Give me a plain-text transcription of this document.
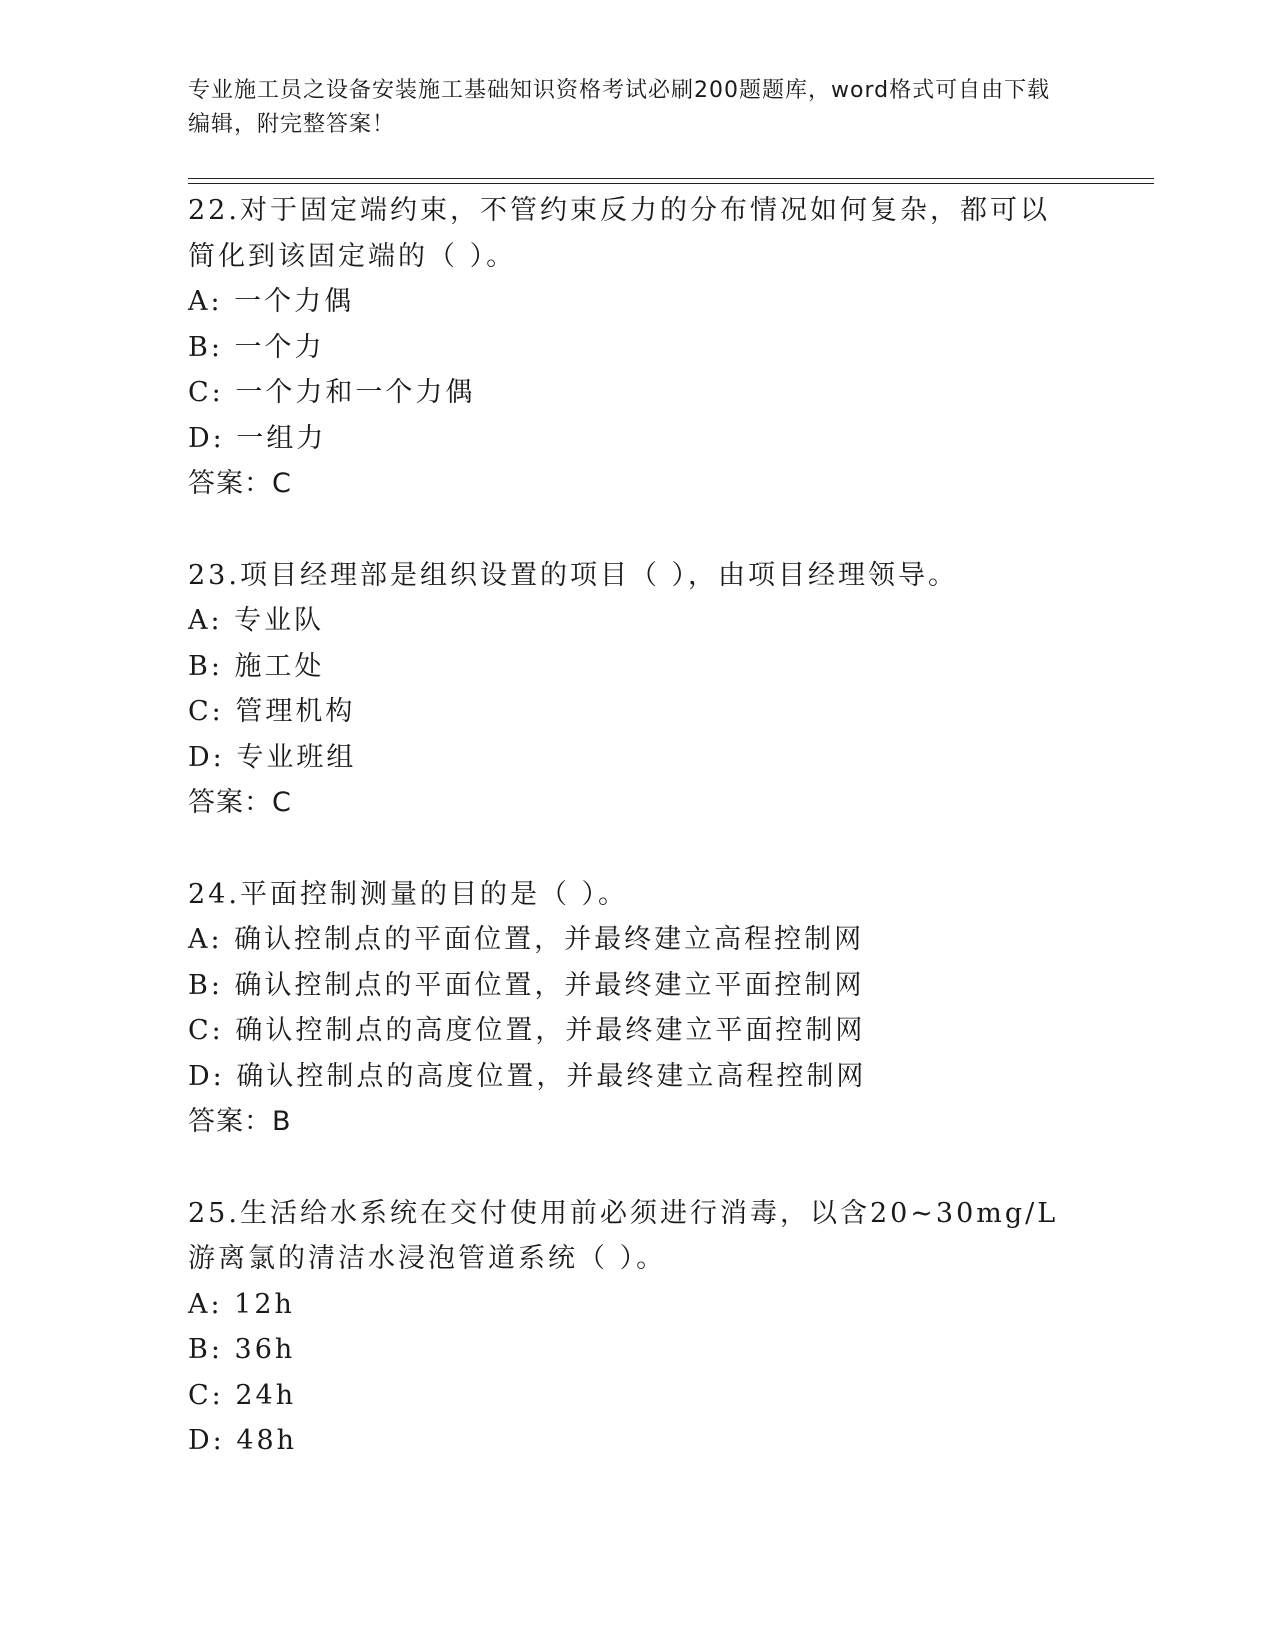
专业施工员之设备安装施工基础知识资格考试必刷200题题库，word格式可自由下载编辑，附完整答案！

22.对于固定端约束，不管约束反力的分布情况如何复杂，都可以简化到该固定端的（ ）。

A: 一个力偶

B: 一个力

C: 一个力和一个力偶

D: 一组力

答案：C

23.项目经理部是组织设置的项目（ ），由项目经理领导。

A: 专业队

B: 施工处

C: 管理机构

D: 专业班组

答案：C

24.平面控制测量的目的是（ ）。

A: 确认控制点的平面位置，并最终建立高程控制网

B: 确认控制点的平面位置，并最终建立平面控制网

C: 确认控制点的高度位置，并最终建立平面控制网

D: 确认控制点的高度位置，并最终建立高程控制网

答案：B

25.生活给水系统在交付使用前必须进行消毒，以含20~30mg/L游离氯的清洁水浸泡管道系统（ ）。

A: 12h

B: 36h

C: 24h

D: 48h
